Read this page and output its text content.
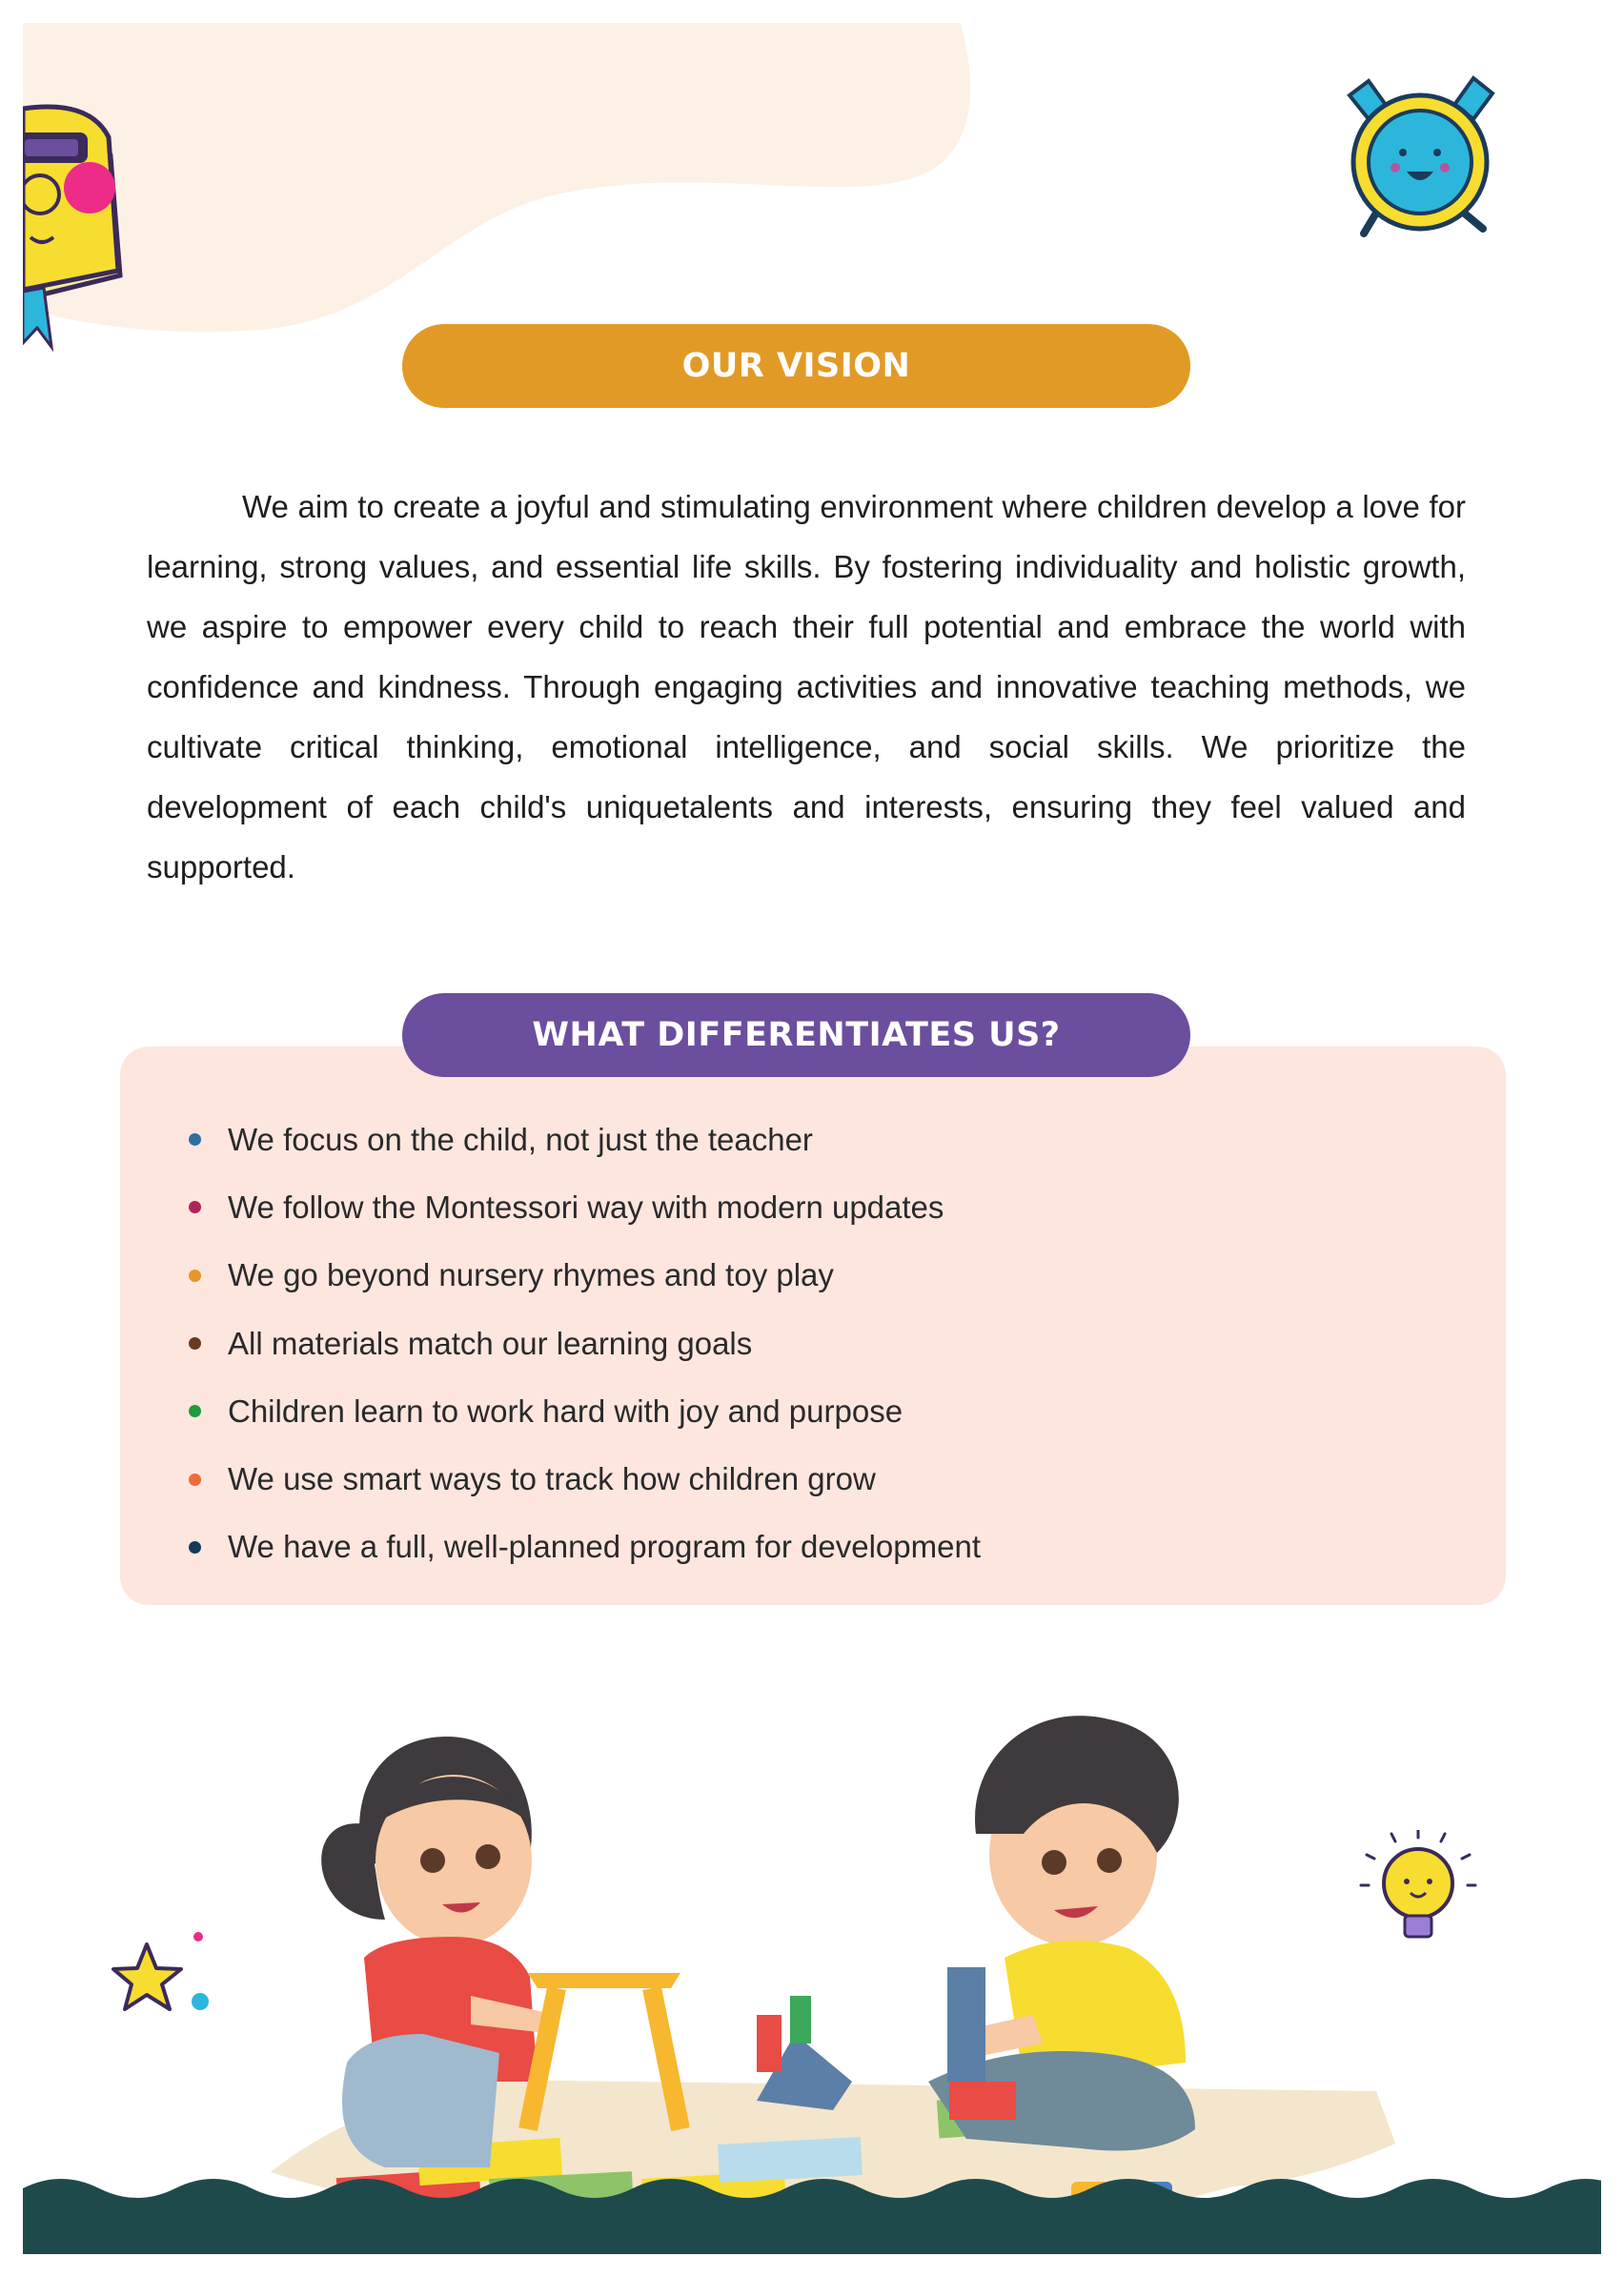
OUR VISION

We aim to create a joyful and stimulating environment where children develop a love for learning, strong values, and essential life skills. By fostering individuality and holistic growth, we aspire to empower every child to reach their full potential and embrace the world with confidence and kindness. Through engaging activities and innovative teaching methods, we cultivate critical thinking, emotional intelligence, and social skills. We prioritize the development of each child's uniquetalents and interests, ensuring they feel valued and supported.

WHAT DIFFERENTIATES US?
We focus on the child, not just the teacher
We follow the Montessori way with modern updates
We go beyond nursery rhymes and toy play
All materials match our learning goals
Children learn to work hard with joy and purpose
We use smart ways to track how children grow
We have a full, well-planned program for development
